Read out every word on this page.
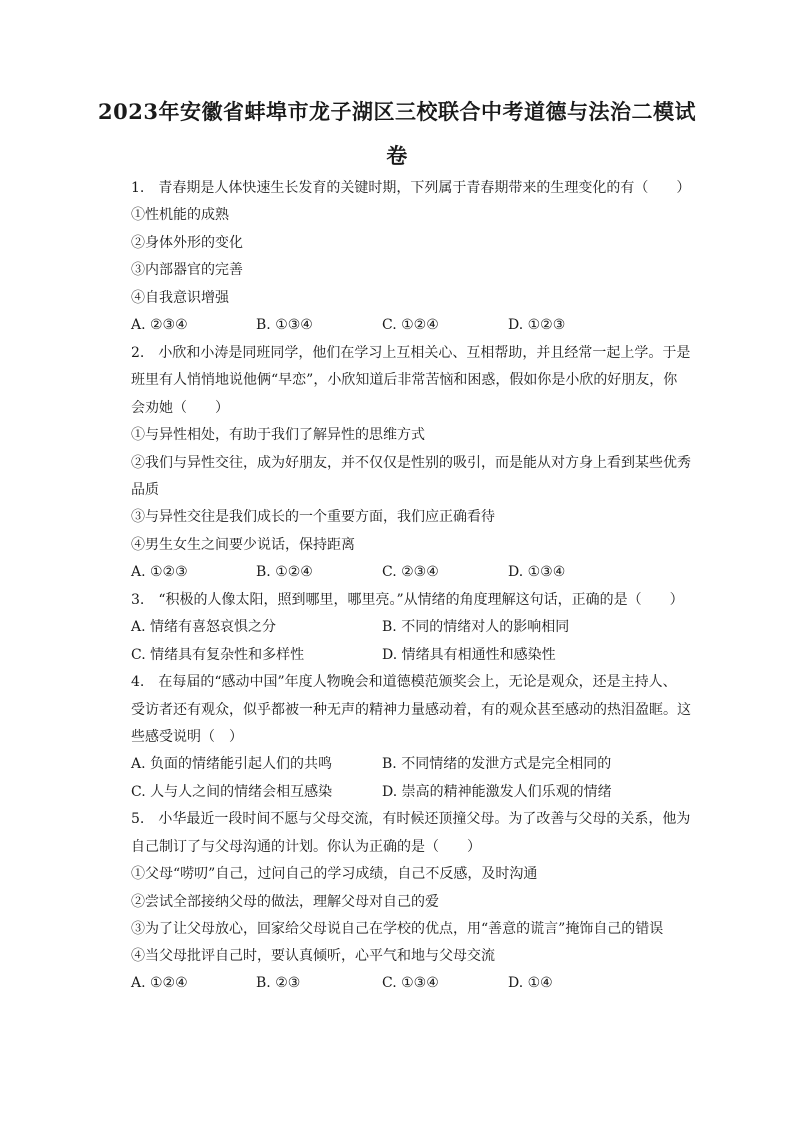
2023年安徽省蚌埠市龙子湖区三校联合中考道德与法治二模试
卷
1.　青春期是人体快速生长发育的关键时期，下列属于青春期带来的生理变化的有（　　）
①性机能的成熟
②身体外形的变化
③内部器官的完善
④自我意识增强
A. ②③④	B. ①③④	C. ①②④	D. ①②③
2.　小欣和小涛是同班同学，他们在学习上互相关心、互相帮助，并且经常一起上学。于是
班里有人悄悄地说他俩“早恋”，小欣知道后非常苦恼和困惑，假如你是小欣的好朋友，你
会劝她（　　）
①与异性相处，有助于我们了解异性的思维方式
②我们与异性交往，成为好朋友，并不仅仅是性别的吸引，而是能从对方身上看到某些优秀
品质
③与异性交往是我们成长的一个重要方面，我们应正确看待
④男生女生之间要少说话，保持距离
A. ①②③	B. ①②④	C. ②③④	D. ①③④
3.　“积极的人像太阳，照到哪里，哪里亮。”从情绪的角度理解这句话，正确的是（　　）
A. 情绪有喜怒哀惧之分	B. 不同的情绪对人的影响相同
C. 情绪具有复杂性和多样性	D. 情绪具有相通性和感染性
4.　在每届的“感动中国”年度人物晚会和道德模范颁奖会上，无论是观众，还是主持人、
受访者还有观众，似乎都被一种无声的精神力量感动着，有的观众甚至感动的热泪盈眶。这
些感受说明（　）
A. 负面的情绪能引起人们的共鸣	B. 不同情绪的发泄方式是完全相同的
C. 人与人之间的情绪会相互感染	D. 崇高的精神能激发人们乐观的情绪
5.　小华最近一段时间不愿与父母交流，有时候还顶撞父母。为了改善与父母的关系，他为
自己制订了与父母沟通的计划。你认为正确的是（　　）
①父母“唠叨”自己，过问自己的学习成绩，自己不反感，及时沟通
②尝试全部接纳父母的做法，理解父母对自己的爱
③为了让父母放心，回家给父母说自己在学校的优点，用“善意的谎言”掩饰自己的错误
④当父母批评自己时，要认真倾听，心平气和地与父母交流
A. ①②④	B. ②③	C. ①③④	D. ①④
